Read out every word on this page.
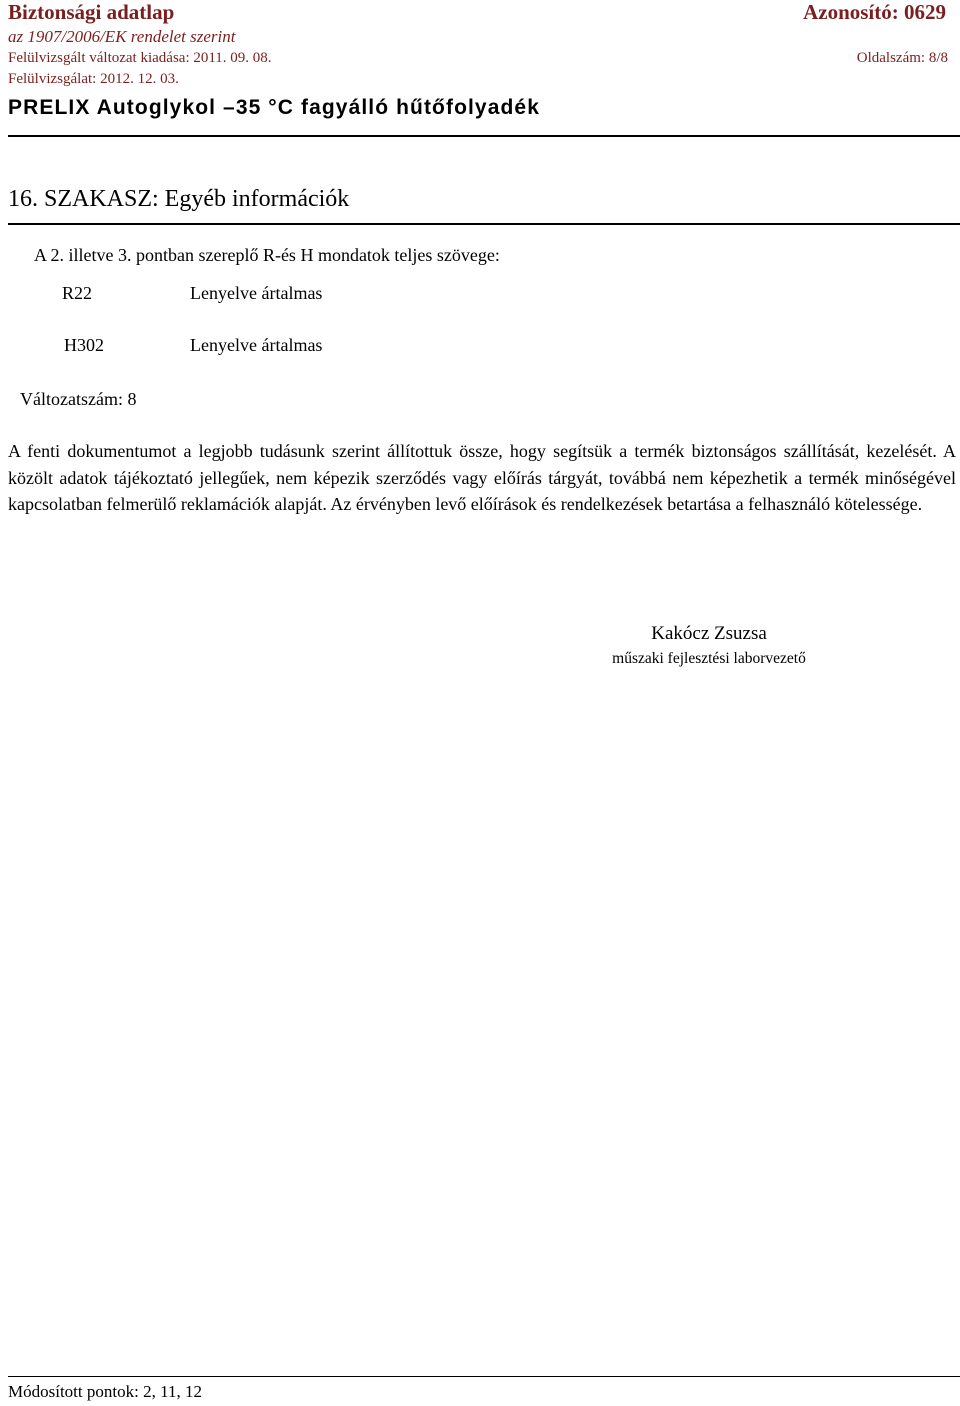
Biztonsági adatlap	Azonosító: 0629
az 1907/2006/EK rendelet szerint
Felülvizsgált változat kiadása: 2011. 09. 08.	Oldalszám: 8/8
Felülvizsgálat: 2012. 12. 03.
PRELIX Autoglykol –35 °C fagyálló hűtőfolyadék
16. SZAKASZ: Egyéb információk
A 2. illetve 3. pontban szereplő R-és H mondatok teljes szövege:
R22	Lenyelve ártalmas
H302	Lenyelve ártalmas
Változatszám: 8
A fenti dokumentumot a legjobb tudásunk szerint állítottuk össze, hogy segítsük a termék biztonságos szállítását, kezelését. A közölt adatok tájékoztató jellegűek, nem képezik szerződés vagy előírás tárgyát, továbbá nem képezhetik a termék minőségével kapcsolatban felmerülő reklamációk alapját. Az érvényben levő előírások és rendelkezések betartása a felhasználó kötelessége.
Kakócz Zsuzsa
műszaki fejlesztési laborvezető
Módosított pontok: 2, 11, 12
